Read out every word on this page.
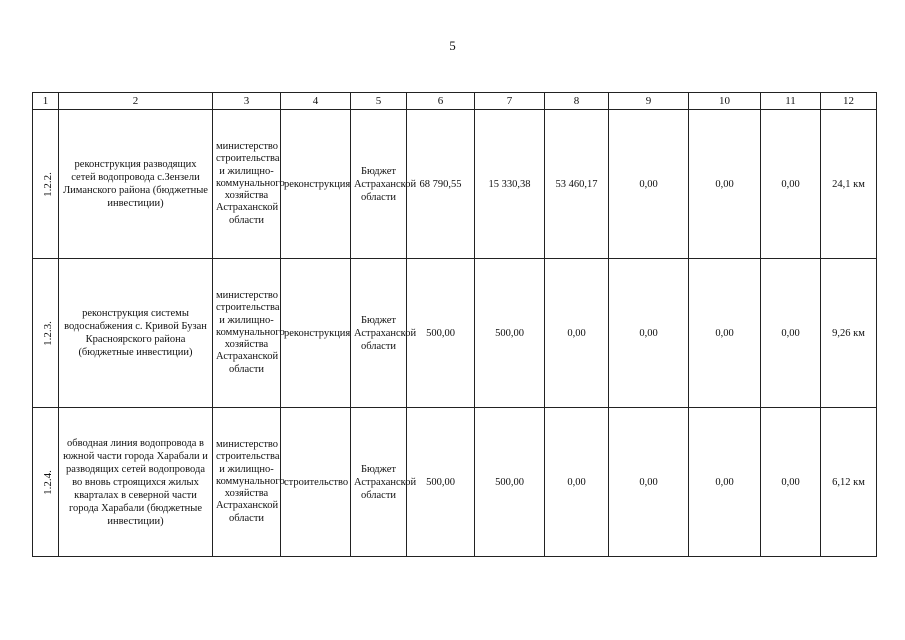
5
1	2	3	4	5	6	7	8	9	10	11	12
1.2.2.	реконструкция разводящих сетей водопровода с.Зензели Лиманского района (бюджетные инвестиции)	министерство строительства и жилищно-коммунального хозяйства Астраханской области	реконструкция	Бюджет Астраханской области	68 790,55	15 330,38	53 460,17	0,00	0,00	0,00	24,1 км
1.2.3.	реконструкция системы водоснабжения с. Кривой Бузан Красноярского района (бюджетные инвестиции)	министерство строительства и жилищно-коммунального хозяйства Астраханской области	реконструкция	Бюджет Астраханской области	500,00	500,00	0,00	0,00	0,00	0,00	9,26 км
1.2.4.	обводная линия водопровода в южной части города Харабали и разводящих сетей водопровода во вновь строящихся жилых кварталах в северной части города Харабали (бюджетные инвестиции)	министерство строительства и жилищно-коммунального хозяйства Астраханской области	строительство	Бюджет Астраханской области	500,00	500,00	0,00	0,00	0,00	0,00	6,12 км
